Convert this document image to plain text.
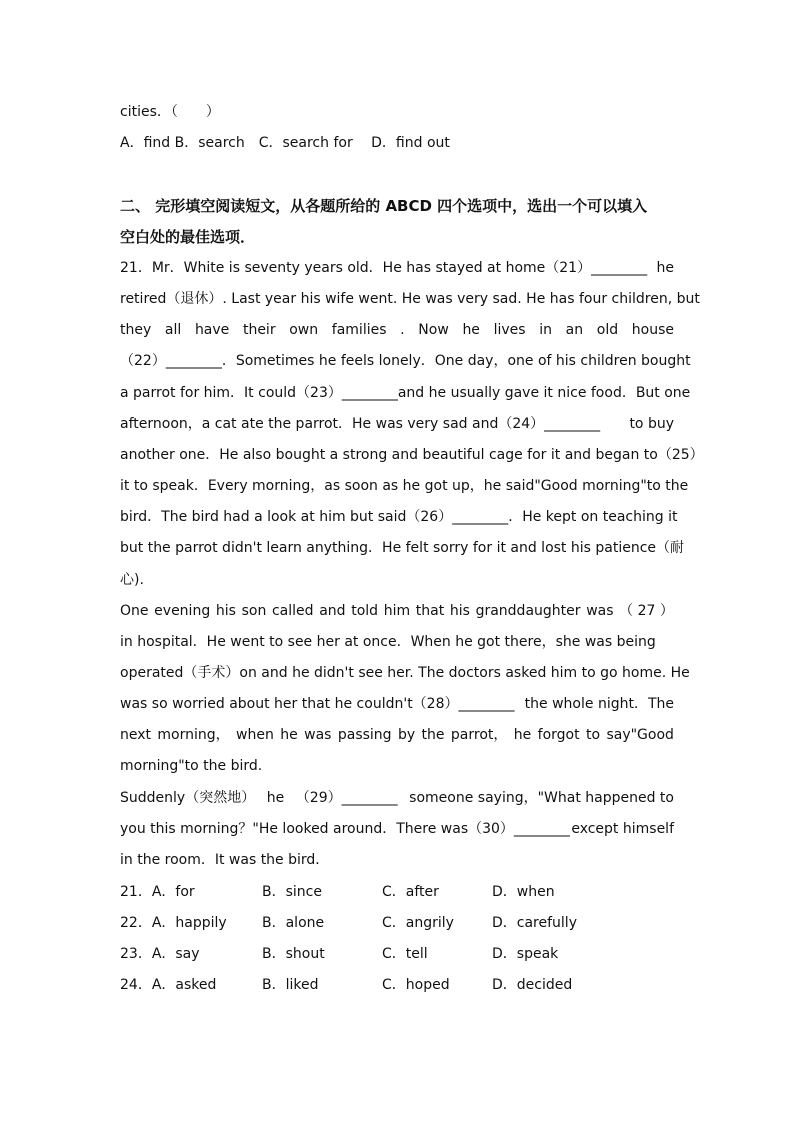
cities．（　　）
A．find B．search　C．search for　 D．find out
二、 完形填空阅读短文，从各题所给的 ABCD 四个选项中，选出一个可以填入
空白处的最佳选项．
21．Mr．White is seventy years old．He has stayed at home（21）________ he
retired（退休）. Last year his wife went. He was very sad. He has four children, but
they all have their own families . Now he lives in an old house
（22）________．Sometimes he feels lonely．One day，one of his children bought
a parrot for him．It could（23）________and he usually gave it nice food．But one
afternoon，a cat ate the parrot．He was very sad and（24）________ to buy
another one．He also bought a strong and beautiful cage for it and began to（25）
it to speak．Every morning，as soon as he got up，he said"Good morning"to the
bird．The bird had a look at him but said（26）________．He kept on teaching it
but the parrot didn't learn anything．He felt sorry for it and lost his patience（耐
心).
One evening his son called and told him that his granddaughter was （ 27 ）
in hospital．He went to see her at once．When he got there，she was being
operated（手术） on and he didn't see her. The doctors asked him to go home. He
was so worried about her that he couldn't（28）________ the whole night．The
next morning， when he was passing by the parrot， he forgot to say"Good
morning"to the bird.
Suddenly（突然地） he （29）________ someone saying，"What happened to
you this morning？"He looked around．There was（30）________ except himself
in the room．It was the bird．
21．A．for	B．since	C．after	D．when
22．A．happily	B．alone	C．angrily	D．carefully
23．A．say	B．shout	C．tell	D．speak
24．A．asked	B．liked	C．hoped	D．decided
